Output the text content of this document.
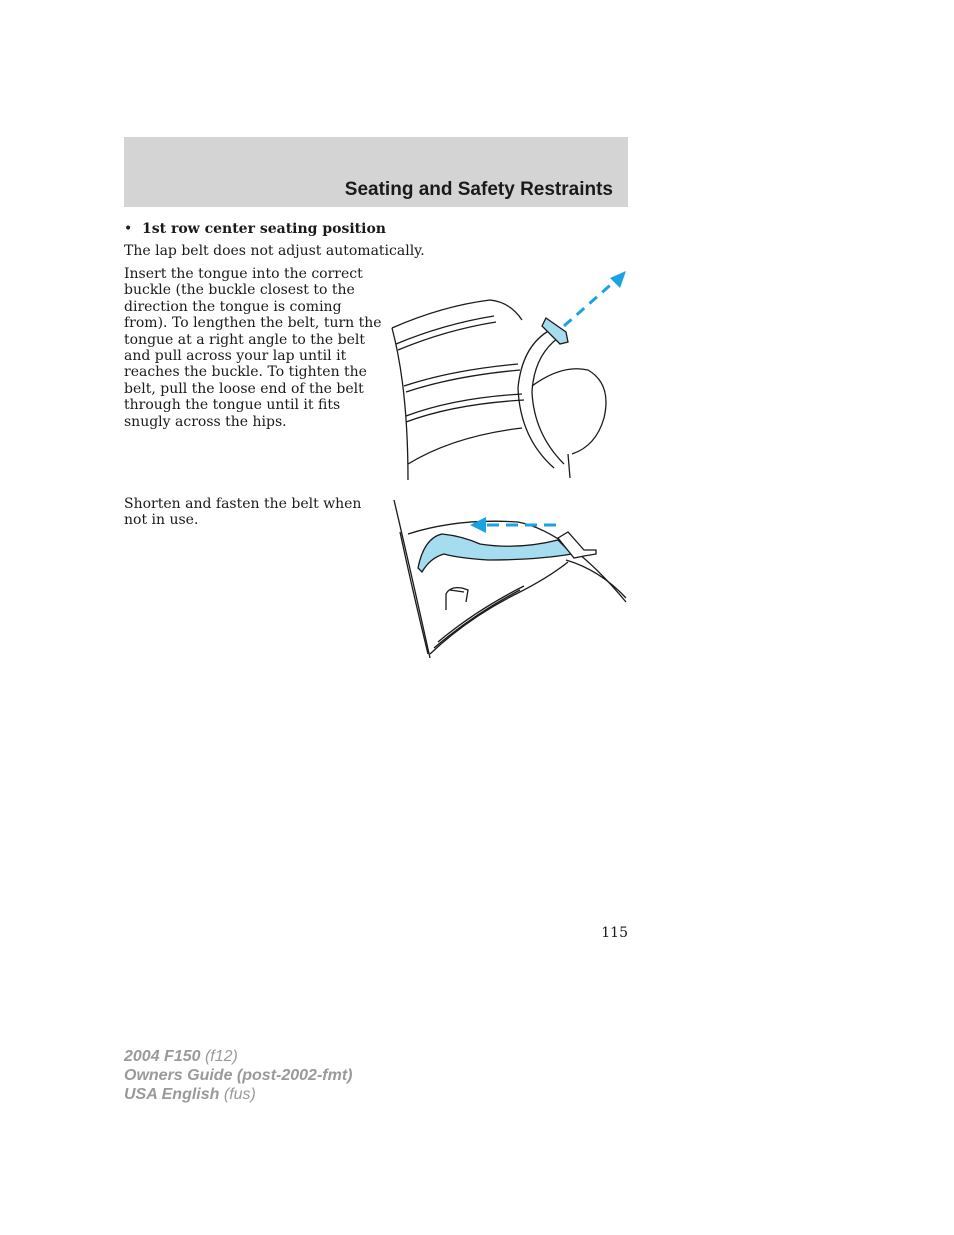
Seating and Safety Restraints
• 1st row center seating position
The lap belt does not adjust automatically.
Insert the tongue into the correct buckle (the buckle closest to the direction the tongue is coming from). To lengthen the belt, turn the tongue at a right angle to the belt and pull across your lap until it reaches the buckle. To tighten the belt, pull the loose end of the belt through the tongue until it fits snugly across the hips.
Shorten and fasten the belt when not in use.
115
2004 F150 (f12)
Owners Guide (post-2002-fmt)
USA English (fus)
